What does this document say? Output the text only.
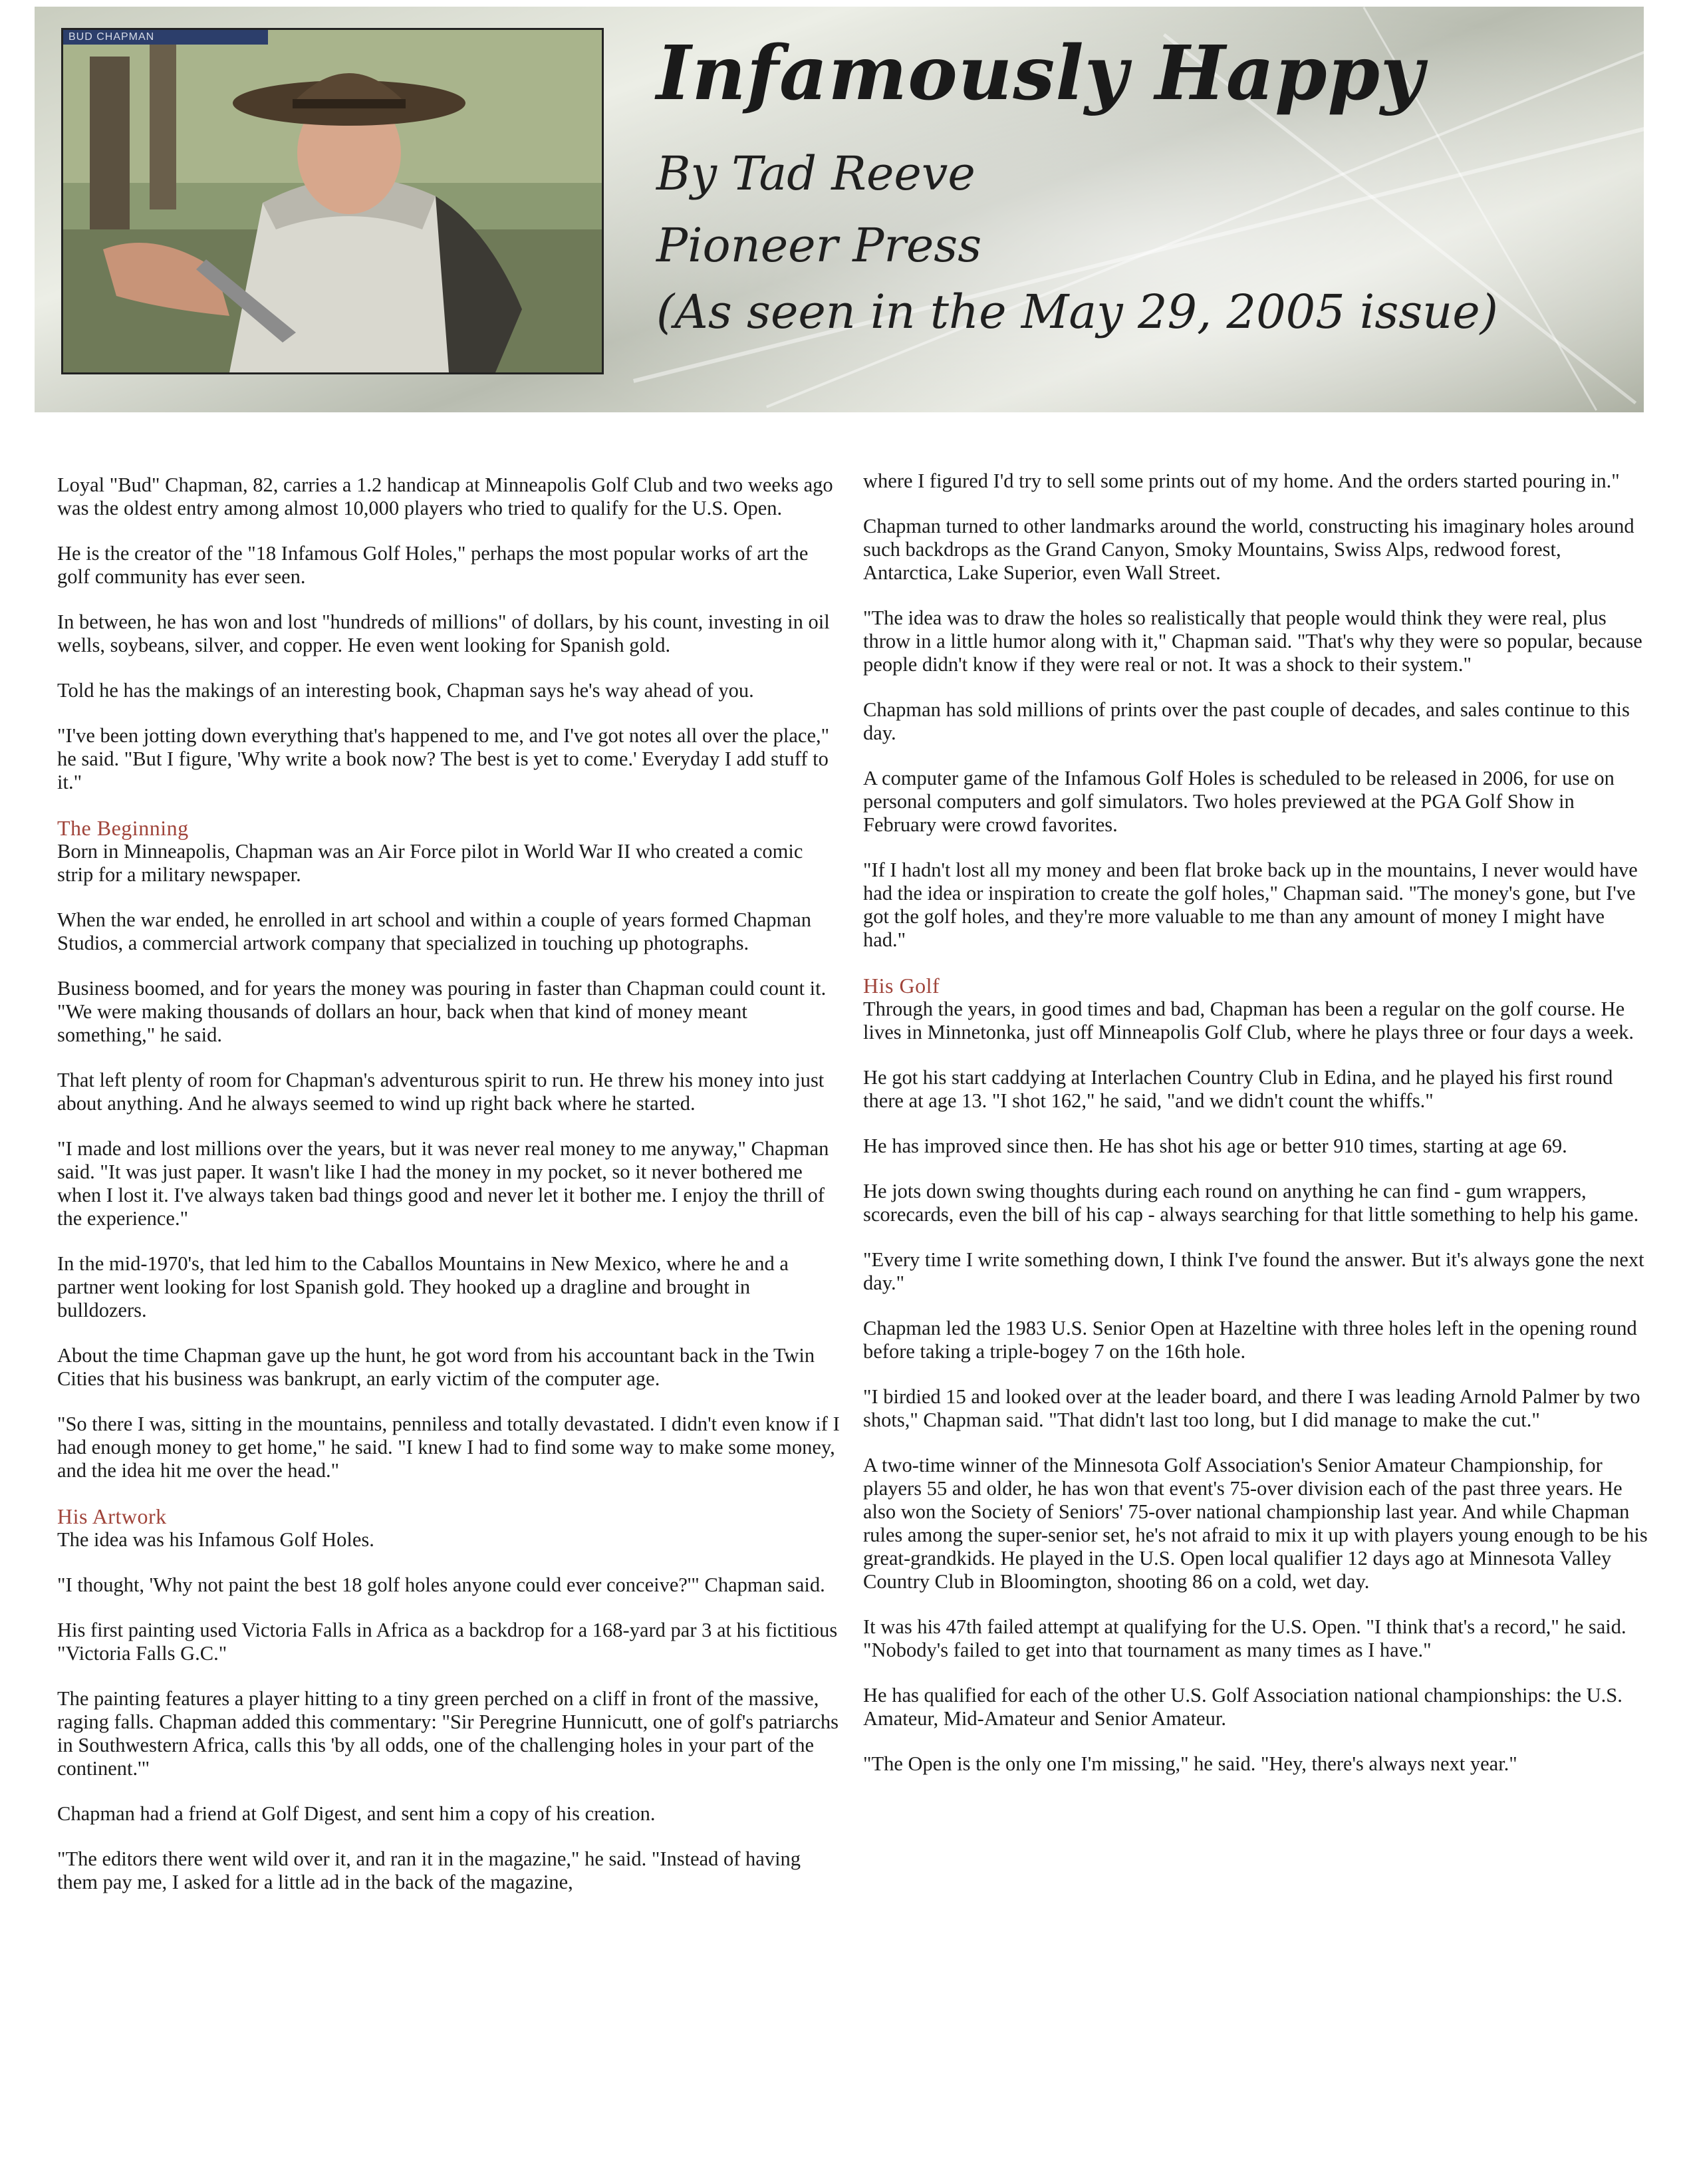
BUD CHAPMAN	Infamously Happy
By Tad Reeve
Pioneer Press
(As seen in the May 29, 2005 issue)

Loyal "Bud" Chapman, 82, carries a 1.2 handicap at Minneapolis Golf Club and two weeks ago was the oldest entry among almost 10,000 players who tried to qualify for the U.S. Open.

He is the creator of the "18 Infamous Golf Holes," perhaps the most popular works of art the golf community has ever seen.

In between, he has won and lost "hundreds of millions" of dollars, by his count, investing in oil wells, soybeans, silver, and copper. He even went looking for Spanish gold.

Told he has the makings of an interesting book, Chapman says he's way ahead of you.

"I've been jotting down everything that's happened to me, and I've got notes all over the place," he said. "But I figure, 'Why write a book now? The best is yet to come.' Everyday I add stuff to it."

The Beginning

Born in Minneapolis, Chapman was an Air Force pilot in World War II who created a comic strip for a military newspaper.

When the war ended, he enrolled in art school and within a couple of years formed Chapman Studios, a commercial artwork company that specialized in touching up photographs.

Business boomed, and for years the money was pouring in faster than Chapman could count it. "We were making thousands of dollars an hour, back when that kind of money meant something," he said.

That left plenty of room for Chapman's adventurous spirit to run. He threw his money into just about anything. And he always seemed to wind up right back where he started.

"I made and lost millions over the years, but it was never real money to me anyway," Chapman said. "It was just paper. It wasn't like I had the money in my pocket, so it never bothered me when I lost it. I've always taken bad things good and never let it bother me. I enjoy the thrill of the experience."

In the mid-1970's, that led him to the Caballos Mountains in New Mexico, where he and a partner went looking for lost Spanish gold. They hooked up a dragline and brought in bulldozers.

About the time Chapman gave up the hunt, he got word from his accountant back in the Twin Cities that his business was bankrupt, an early victim of the computer age.

"So there I was, sitting in the mountains, penniless and totally devastated. I didn't even know if I had enough money to get home," he said. "I knew I had to find some way to make some money, and the idea hit me over the head."

His Artwork

The idea was his Infamous Golf Holes.

"I thought, 'Why not paint the best 18 golf holes anyone could ever conceive?'" Chapman said.

His first painting used Victoria Falls in Africa as a backdrop for a 168-yard par 3 at his fictitious "Victoria Falls G.C."

The painting features a player hitting to a tiny green perched on a cliff in front of the massive, raging falls. Chapman added this commentary: "Sir Peregrine Hunnicutt, one of golf's patriarchs in Southwestern Africa, calls this 'by all odds, one of the challenging holes in your part of the continent.'"

Chapman had a friend at Golf Digest, and sent him a copy of his creation.

"The editors there went wild over it, and ran it in the magazine," he said. "Instead of having them pay me, I asked for a little ad in the back of the magazine,

where I figured I'd try to sell some prints out of my home. And the orders started pouring in."

Chapman turned to other landmarks around the world, constructing his imaginary holes around such backdrops as the Grand Canyon, Smoky Mountains, Swiss Alps, redwood forest, Antarctica, Lake Superior, even Wall Street.

"The idea was to draw the holes so realistically that people would think they were real, plus throw in a little humor along with it," Chapman said. "That's why they were so popular, because people didn't know if they were real or not. It was a shock to their system."

Chapman has sold millions of prints over the past couple of decades, and sales continue to this day.

A computer game of the Infamous Golf Holes is scheduled to be released in 2006, for use on personal computers and golf simulators. Two holes previewed at the PGA Golf Show in February were crowd favorites.

"If I hadn't lost all my money and been flat broke back up in the mountains, I never would have had the idea or inspiration to create the golf holes," Chapman said. "The money's gone, but I've got the golf holes, and they're more valuable to me than any amount of money I might have had."

His Golf

Through the years, in good times and bad, Chapman has been a regular on the golf course. He lives in Minnetonka, just off Minneapolis Golf Club, where he plays three or four days a week.

He got his start caddying at Interlachen Country Club in Edina, and he played his first round there at age 13. "I shot 162," he said, "and we didn't count the whiffs."

He has improved since then. He has shot his age or better 910 times, starting at age 69.

He jots down swing thoughts during each round on anything he can find - gum wrappers, scorecards, even the bill of his cap - always searching for that little something to help his game.

"Every time I write something down, I think I've found the answer. But it's always gone the next day."

Chapman led the 1983 U.S. Senior Open at Hazeltine with three holes left in the opening round before taking a triple-bogey 7 on the 16th hole.

"I birdied 15 and looked over at the leader board, and there I was leading Arnold Palmer by two shots," Chapman said. "That didn't last too long, but I did manage to make the cut."

A two-time winner of the Minnesota Golf Association's Senior Amateur Championship, for players 55 and older, he has won that event's 75-over division each of the past three years. He also won the Society of Seniors' 75-over national championship last year. And while Chapman rules among the super-senior set, he's not afraid to mix it up with players young enough to be his great-grandkids. He played in the U.S. Open local qualifier 12 days ago at Minnesota Valley Country Club in Bloomington, shooting 86 on a cold, wet day.

It was his 47th failed attempt at qualifying for the U.S. Open. "I think that's a record," he said. "Nobody's failed to get into that tournament as many times as I have."

He has qualified for each of the other U.S. Golf Association national championships: the U.S. Amateur, Mid-Amateur and Senior Amateur.

"The Open is the only one I'm missing," he said. "Hey, there's always next year."
